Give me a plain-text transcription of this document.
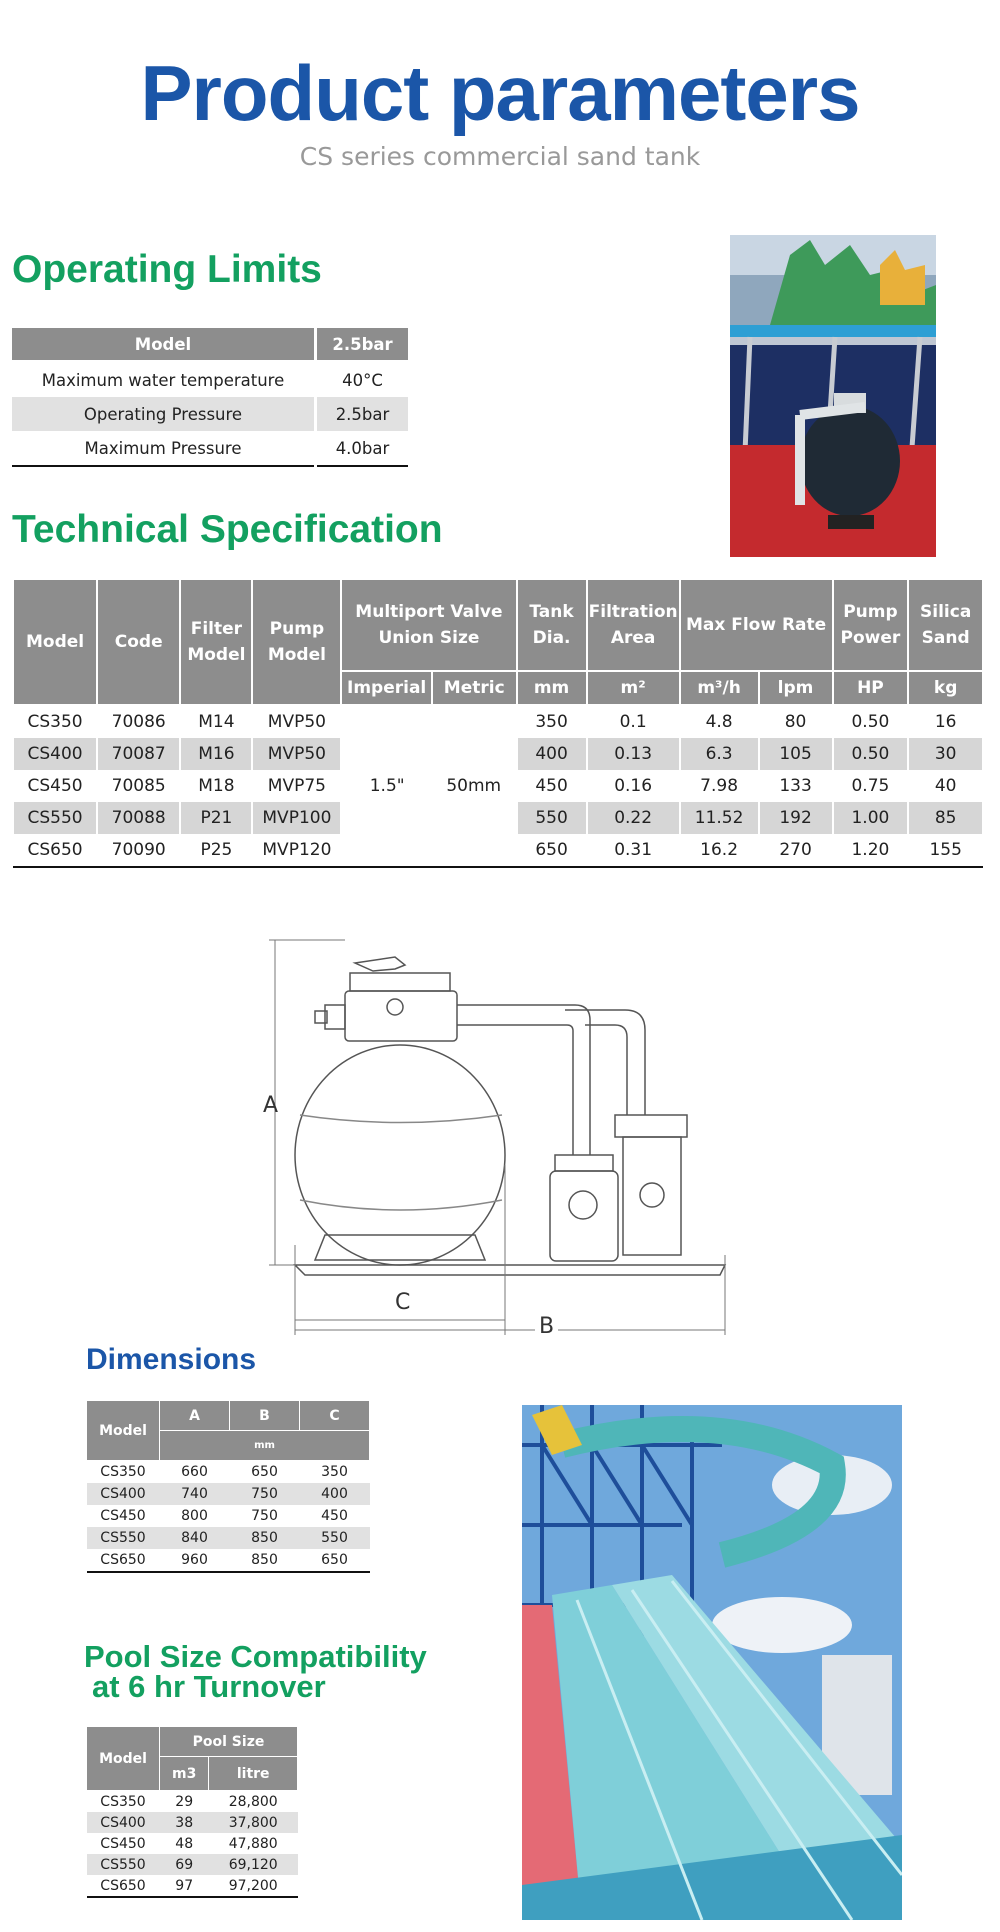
Product parameters
CS series commercial sand tank
Operating Limits
Model	2.5bar
Maximum water temperature	40°C
Operating Pressure	2.5bar
Maximum Pressure	4.0bar
Technical Specification
Model	Code	Filter Model	Pump Model	Multiport Valve Union Size		Tank Dia.	Filtration Area	Max Flow Rate		Pump Power	Silica Sand
				Imperial	Metric	mm	m²	m³/h	lpm	HP	kg
CS350	70086	M14	MVP50	1.5"	50mm	350	0.1	4.8	80	0.50	16
CS400	70087	M16	MVP50			400	0.13	6.3	105	0.50	30
CS450	70085	M18	MVP75			450	0.16	7.98	133	0.75	40
CS550	70088	P21	MVP100			550	0.22	11.52	192	1.00	85
CS650	70090	P25	MVP120			650	0.31	16.2	270	1.20	155
A
C
B
Dimensions
Model	A	B	C
	mm		
CS350	660	650	350
CS400	740	750	400
CS450	800	750	450
CS550	840	850	550
CS650	960	850	650
Pool Size Compatibility
at 6 hr Turnover
Model	Pool Size	
	m3	litre
CS350	29	28,800
CS400	38	37,800
CS450	48	47,880
CS550	69	69,120
CS650	97	97,200
